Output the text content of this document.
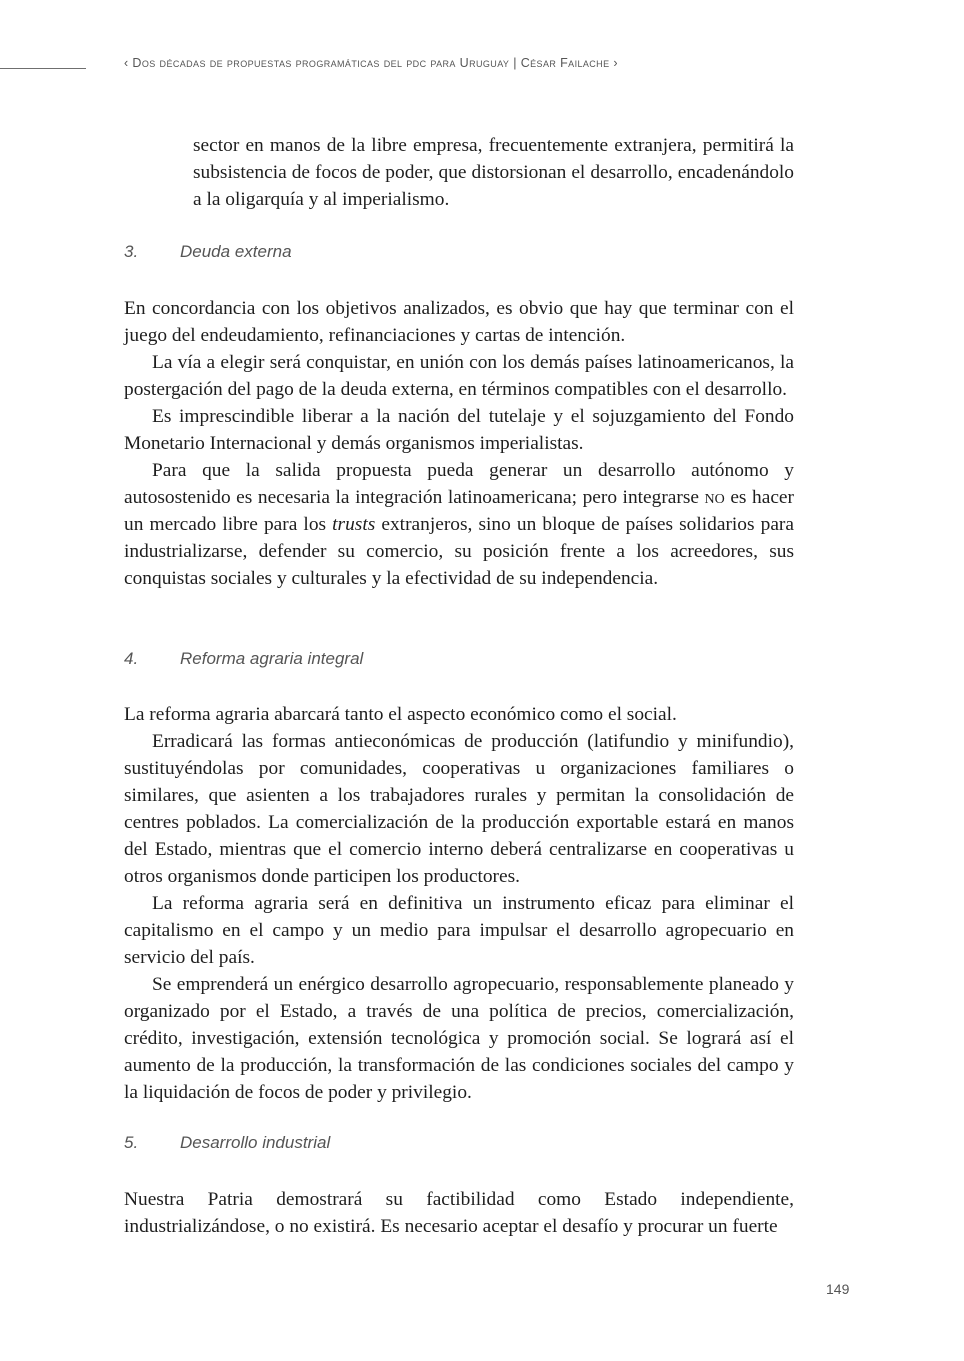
‹ Dos décadas de propuestas programáticas del pdc para Uruguay | César Failache ›

sector en manos de la libre empresa, frecuentemente extranjera, permitirá la subsistencia de focos de poder, que distorsionan el desarrollo, encadenándolo a la oligarquía y al imperialismo.

3. Deuda externa

En concordancia con los objetivos analizados, es obvio que hay que terminar con el juego del endeudamiento, refinanciaciones y cartas de intención.

La vía a elegir será conquistar, en unión con los demás países latinoamericanos, la postergación del pago de la deuda externa, en términos compatibles con el desarrollo.

Es imprescindible liberar a la nación del tutelaje y el sojuzgamiento del Fondo Monetario Internacional y demás organismos imperialistas.

Para que la salida propuesta pueda generar un desarrollo autónomo y autosostenido es necesaria la integración latinoamericana; pero integrarse no es hacer un mercado libre para los trusts extranjeros, sino un bloque de países solidarios para industrializarse, defender su comercio, su posición frente a los acreedores, sus conquistas sociales y culturales y la efectividad de su independencia.

4. Reforma agraria integral

La reforma agraria abarcará tanto el aspecto económico como el social.

Erradicará las formas antieconómicas de producción (latifundio y minifundio), sustituyéndolas por comunidades, cooperativas u organizaciones familiares o similares, que asienten a los trabajadores rurales y permitan la consolidación de centres poblados. La comercialización de la producción exportable estará en manos del Estado, mientras que el comercio interno deberá centralizarse en cooperativas u otros organismos donde participen los productores.

La reforma agraria será en definitiva un instrumento eficaz para eliminar el capitalismo en el campo y un medio para impulsar el desarrollo agropecuario en servicio del país.

Se emprenderá un enérgico desarrollo agropecuario, responsablemente planeado y organizado por el Estado, a través de una política de precios, comercialización, crédito, investigación, extensión tecnológica y promoción social. Se logrará así el aumento de la producción, la transformación de las condiciones sociales del campo y la liquidación de focos de poder y privilegio.

5. Desarrollo industrial

Nuestra Patria demostrará su factibilidad como Estado independiente, industrializándose, o no existirá. Es necesario aceptar el desafío y procurar un fuerte

149
